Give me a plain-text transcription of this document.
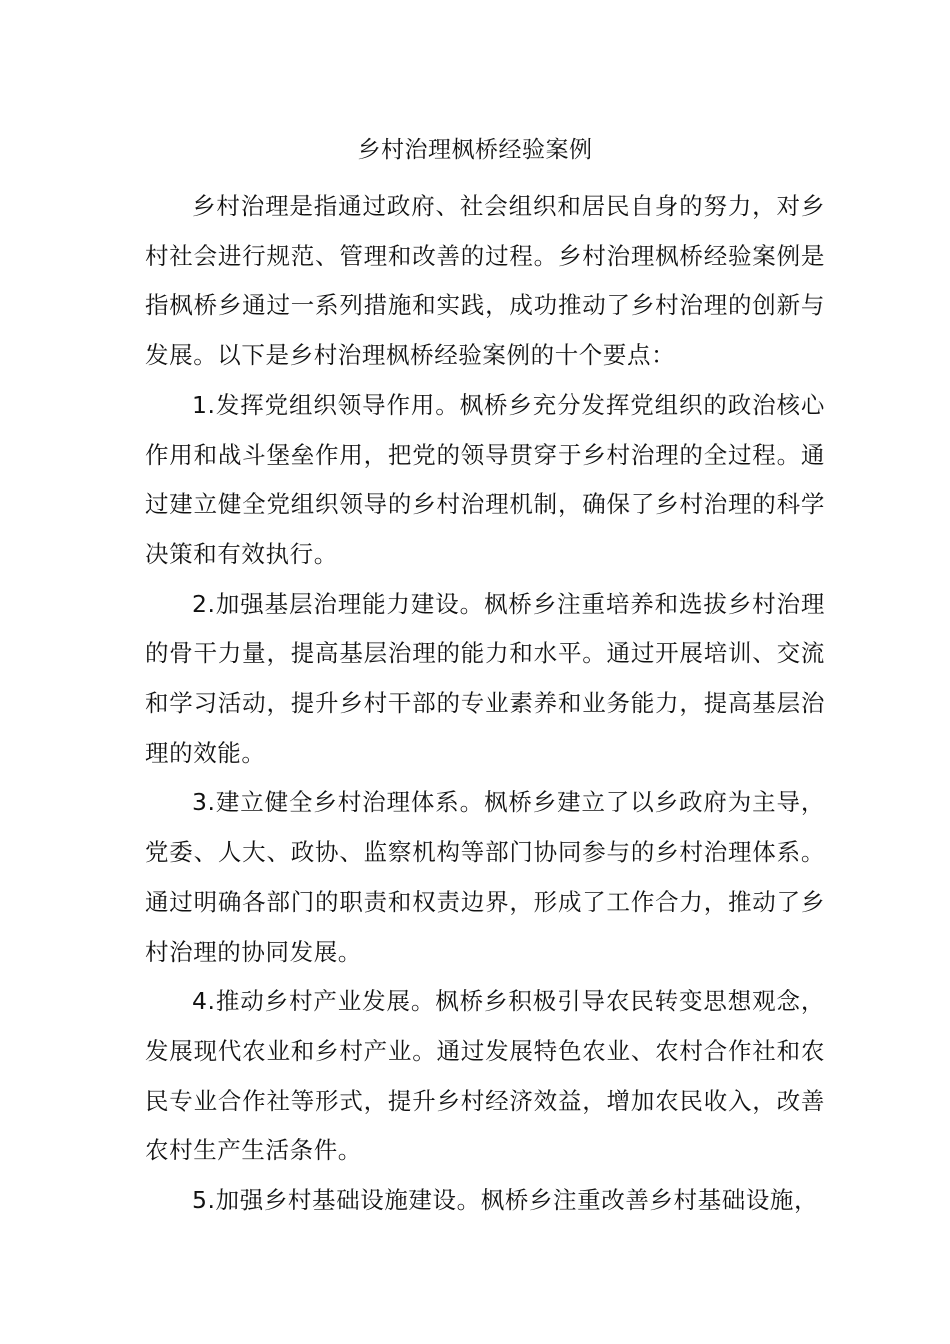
乡村治理枫桥经验案例

乡村治理是指通过政府、社会组织和居民自身的努力，对乡村社会进行规范、管理和改善的过程。乡村治理枫桥经验案例是指枫桥乡通过一系列措施和实践，成功推动了乡村治理的创新与发展。以下是乡村治理枫桥经验案例的十个要点：

1.发挥党组织领导作用。枫桥乡充分发挥党组织的政治核心作用和战斗堡垒作用，把党的领导贯穿于乡村治理的全过程。通过建立健全党组织领导的乡村治理机制，确保了乡村治理的科学决策和有效执行。

2.加强基层治理能力建设。枫桥乡注重培养和选拔乡村治理的骨干力量，提高基层治理的能力和水平。通过开展培训、交流和学习活动，提升乡村干部的专业素养和业务能力，提高基层治理的效能。

3.建立健全乡村治理体系。枫桥乡建立了以乡政府为主导，党委、人大、政协、监察机构等部门协同参与的乡村治理体系。通过明确各部门的职责和权责边界，形成了工作合力，推动了乡村治理的协同发展。

4.推动乡村产业发展。枫桥乡积极引导农民转变思想观念，发展现代农业和乡村产业。通过发展特色农业、农村合作社和农民专业合作社等形式，提升乡村经济效益，增加农民收入，改善农村生产生活条件。

5.加强乡村基础设施建设。枫桥乡注重改善乡村基础设施，
